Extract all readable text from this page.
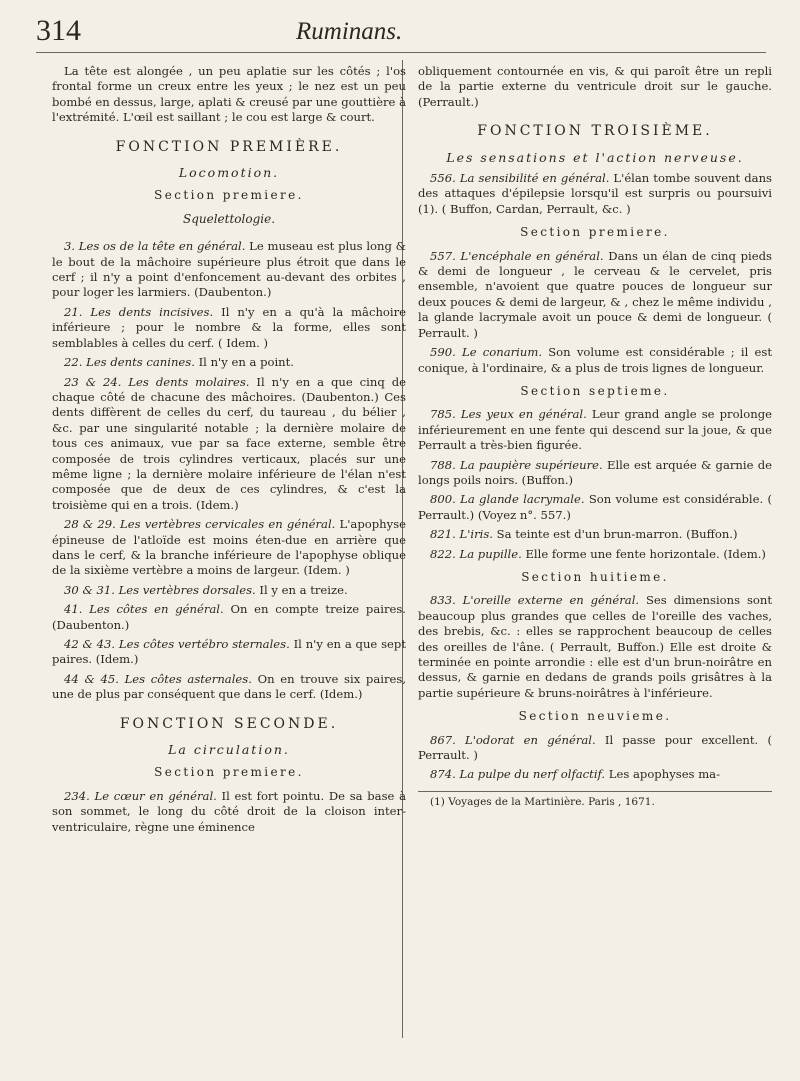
314	Ruminans.

La tête est alongée , un peu aplatie sur les côtés ; l'os frontal forme un creux entre les yeux ; le nez est un peu bombé en dessus, large, aplati & creusé par une gouttière à l'extrémité. L'œil est saillant ; le cou est large & court.

FONCTION PREMIÈRE.
Locomotion.
Section premiere.
Squelettologie.

3. Les os de la tête en général. Le museau est plus long & le bout de la mâchoire supérieure plus étroit que dans le cerf ; il n'y a point d'enfoncement au-devant des orbites , pour loger les larmiers. (Daubenton.)

21. Les dents incisives. Il n'y en a qu'à la mâchoire inférieure ; pour le nombre & la forme, elles sont semblables à celles du cerf. ( Idem. )

22. Les dents canines. Il n'y en a point.

23 & 24. Les dents molaires. Il n'y en a que cinq de chaque côté de chacune des mâchoires. (Daubenton.) Ces dents diffèrent de celles du cerf, du taureau , du bélier , &c. par une singularité notable ; la dernière molaire de tous ces animaux, vue par sa face externe, semble être composée de trois cylindres verticaux, placés sur une même ligne ; la dernière molaire inférieure de l'élan n'est composée que de deux de ces cylindres, & c'est la troisième qui en a trois. (Idem.)

28 & 29. Les vertèbres cervicales en général. L'apophyse épineuse de l'atloïde est moins éten-due en arrière que dans le cerf, & la branche inférieure de l'apophyse oblique de la sixième vertèbre a moins de largeur. (Idem. )

30 & 31. Les vertèbres dorsales. Il y en a treize.

41. Les côtes en général. On en compte treize paires. (Daubenton.)

42 & 43. Les côtes vertébro sternales. Il n'y en a que sept paires. (Idem.)

44 & 45. Les côtes asternales. On en trouve six paires, une de plus par conséquent que dans le cerf. (Idem.)

FONCTION SECONDE.
La circulation.
Section premiere.

234. Le cœur en général. Il est fort pointu. De sa base à son sommet, le long du côté droit de la cloison inter-ventriculaire, règne une éminence

obliquement contournée en vis, & qui paroît être un repli de la partie externe du ventricule droit sur le gauche. (Perrault.)

FONCTION TROISIÈME.
Les sensations et l'action nerveuse.

556. La sensibilité en général. L'élan tombe souvent dans des attaques d'épilepsie lorsqu'il est surpris ou poursuivi (1). ( Buffon, Cardan, Perrault, &c. )

Section premiere.

557. L'encéphale en général. Dans un élan de cinq pieds & demi de longueur , le cerveau & le cervelet, pris ensemble, n'avoient que quatre pouces de longueur sur deux pouces & demi de largeur, & , chez le même individu , la glande lacrymale avoit un pouce & demi de longueur. ( Perrault. )

590. Le conarium. Son volume est considérable ; il est conique, à l'ordinaire, & a plus de trois lignes de longueur.

Section septieme.

785. Les yeux en général. Leur grand angle se prolonge inférieurement en une fente qui descend sur la joue, & que Perrault a très-bien figurée.

788. La paupière supérieure. Elle est arquée & garnie de longs poils noirs. (Buffon.)

800. La glande lacrymale. Son volume est considérable. ( Perrault.) (Voyez n°. 557.)

821. L'iris. Sa teinte est d'un brun-marron. (Buffon.)

822. La pupille. Elle forme une fente horizontale. (Idem.)

Section huitieme.

833. L'oreille externe en général. Ses dimensions sont beaucoup plus grandes que celles de l'oreille des vaches, des brebis, &c. : elles se rapprochent beaucoup de celles des oreilles de l'âne. ( Perrault, Buffon.) Elle est droite & terminée en pointe arrondie : elle est d'un brun-noirâtre en dessus, & garnie en dedans de grands poils grisâtres à la partie supérieure & bruns-noirâtres à l'inférieure.

Section neuvieme.

867. L'odorat en général. Il passe pour excellent. ( Perrault. )

874. La pulpe du nerf olfactif. Les apophyses ma-

(1) Voyages de la Martinière. Paris , 1671.
